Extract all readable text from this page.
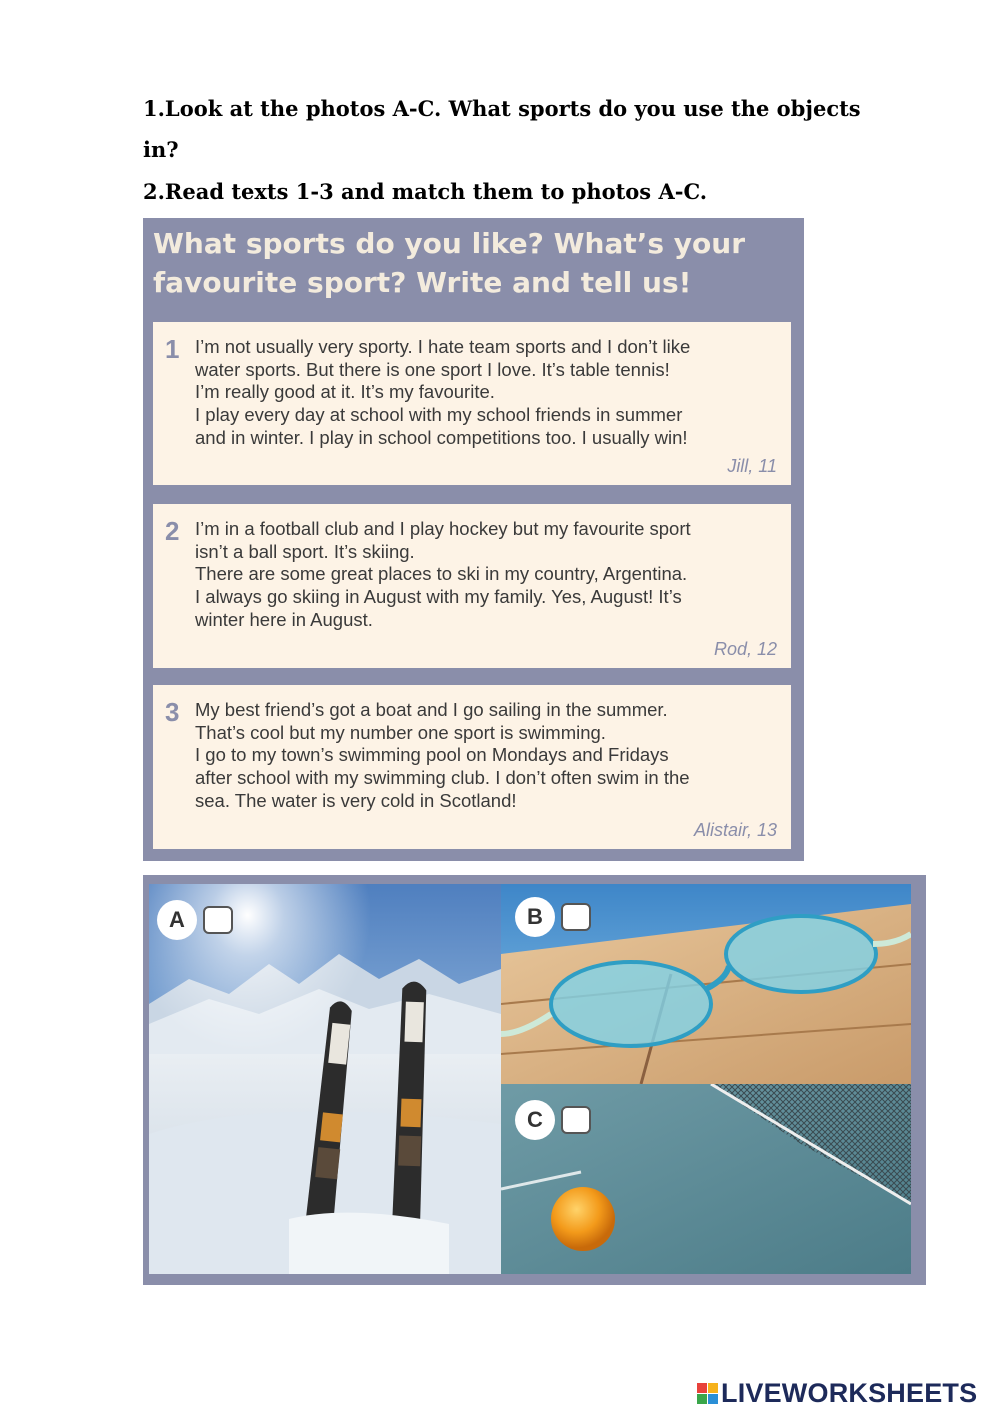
1.Look at the photos A-C. What sports do you use the objects
in?
2.Read texts 1-3 and match them to photos A-C.
What sports do you like? What’s your favourite sport? Write and tell us!
1 I’m not usually very sporty. I hate team sports and I don’t like
water sports. But there is one sport I love. It’s table tennis!
I’m really good at it. It’s my favourite.
I play every day at school with my school friends in summer
and in winter. I play in school competitions too. I usually win!
Jill, 11
2 I’m in a football club and I play hockey but my favourite sport
isn’t a ball sport. It’s skiing.
There are some great places to ski in my country, Argentina.
I always go skiing in August with my family. Yes, August! It’s
winter here in August.
Rod, 12
3 My best friend’s got a boat and I go sailing in the summer.
That’s cool but my number one sport is swimming.
I go to my town’s swimming pool on Mondays and Fridays
after school with my swimming club. I don’t often swim in the
sea. The water is very cold in Scotland!
Alistair, 13
A	B
C
LIVEWORKSHEETS
